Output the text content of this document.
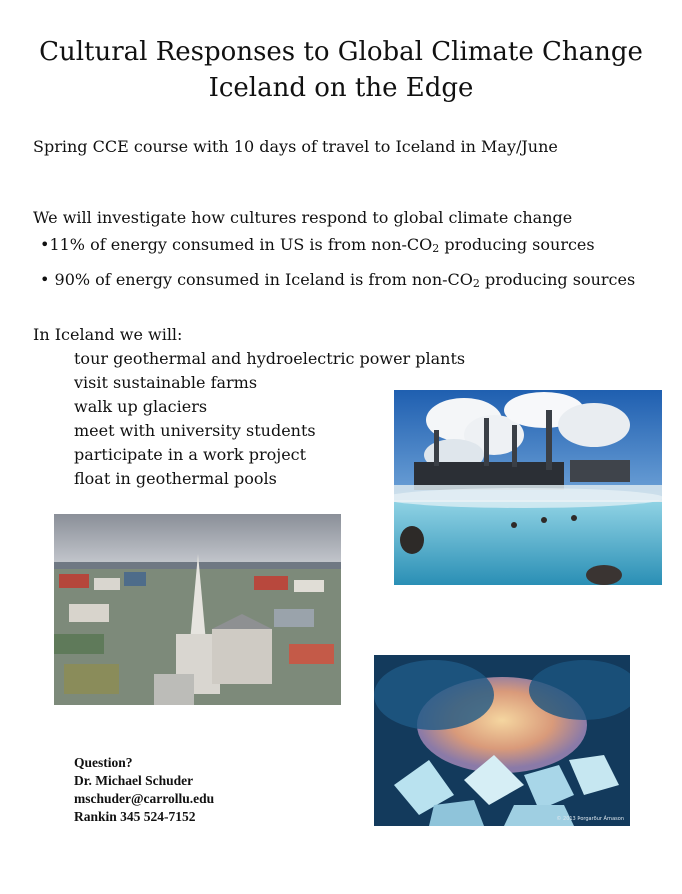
Cultural Responses to Global Climate Change
Iceland on the Edge
Spring CCE course with 10 days of travel to Iceland in May/June
We will investigate how cultures respond to global climate change
•11% of energy consumed in US is from non-CO2 producing sources
• 90% of energy consumed in Iceland is from non-CO2 producing sources
In Iceland we will:
tour geothermal and hydroelectric power plants
visit sustainable farms
walk up glaciers
meet with university students
participate in a work project
float in geothermal pools
© 2013 Þorgarður Árnason
Question?
Dr. Michael Schuder
mschuder@carrollu.edu
Rankin 345 524-7152
